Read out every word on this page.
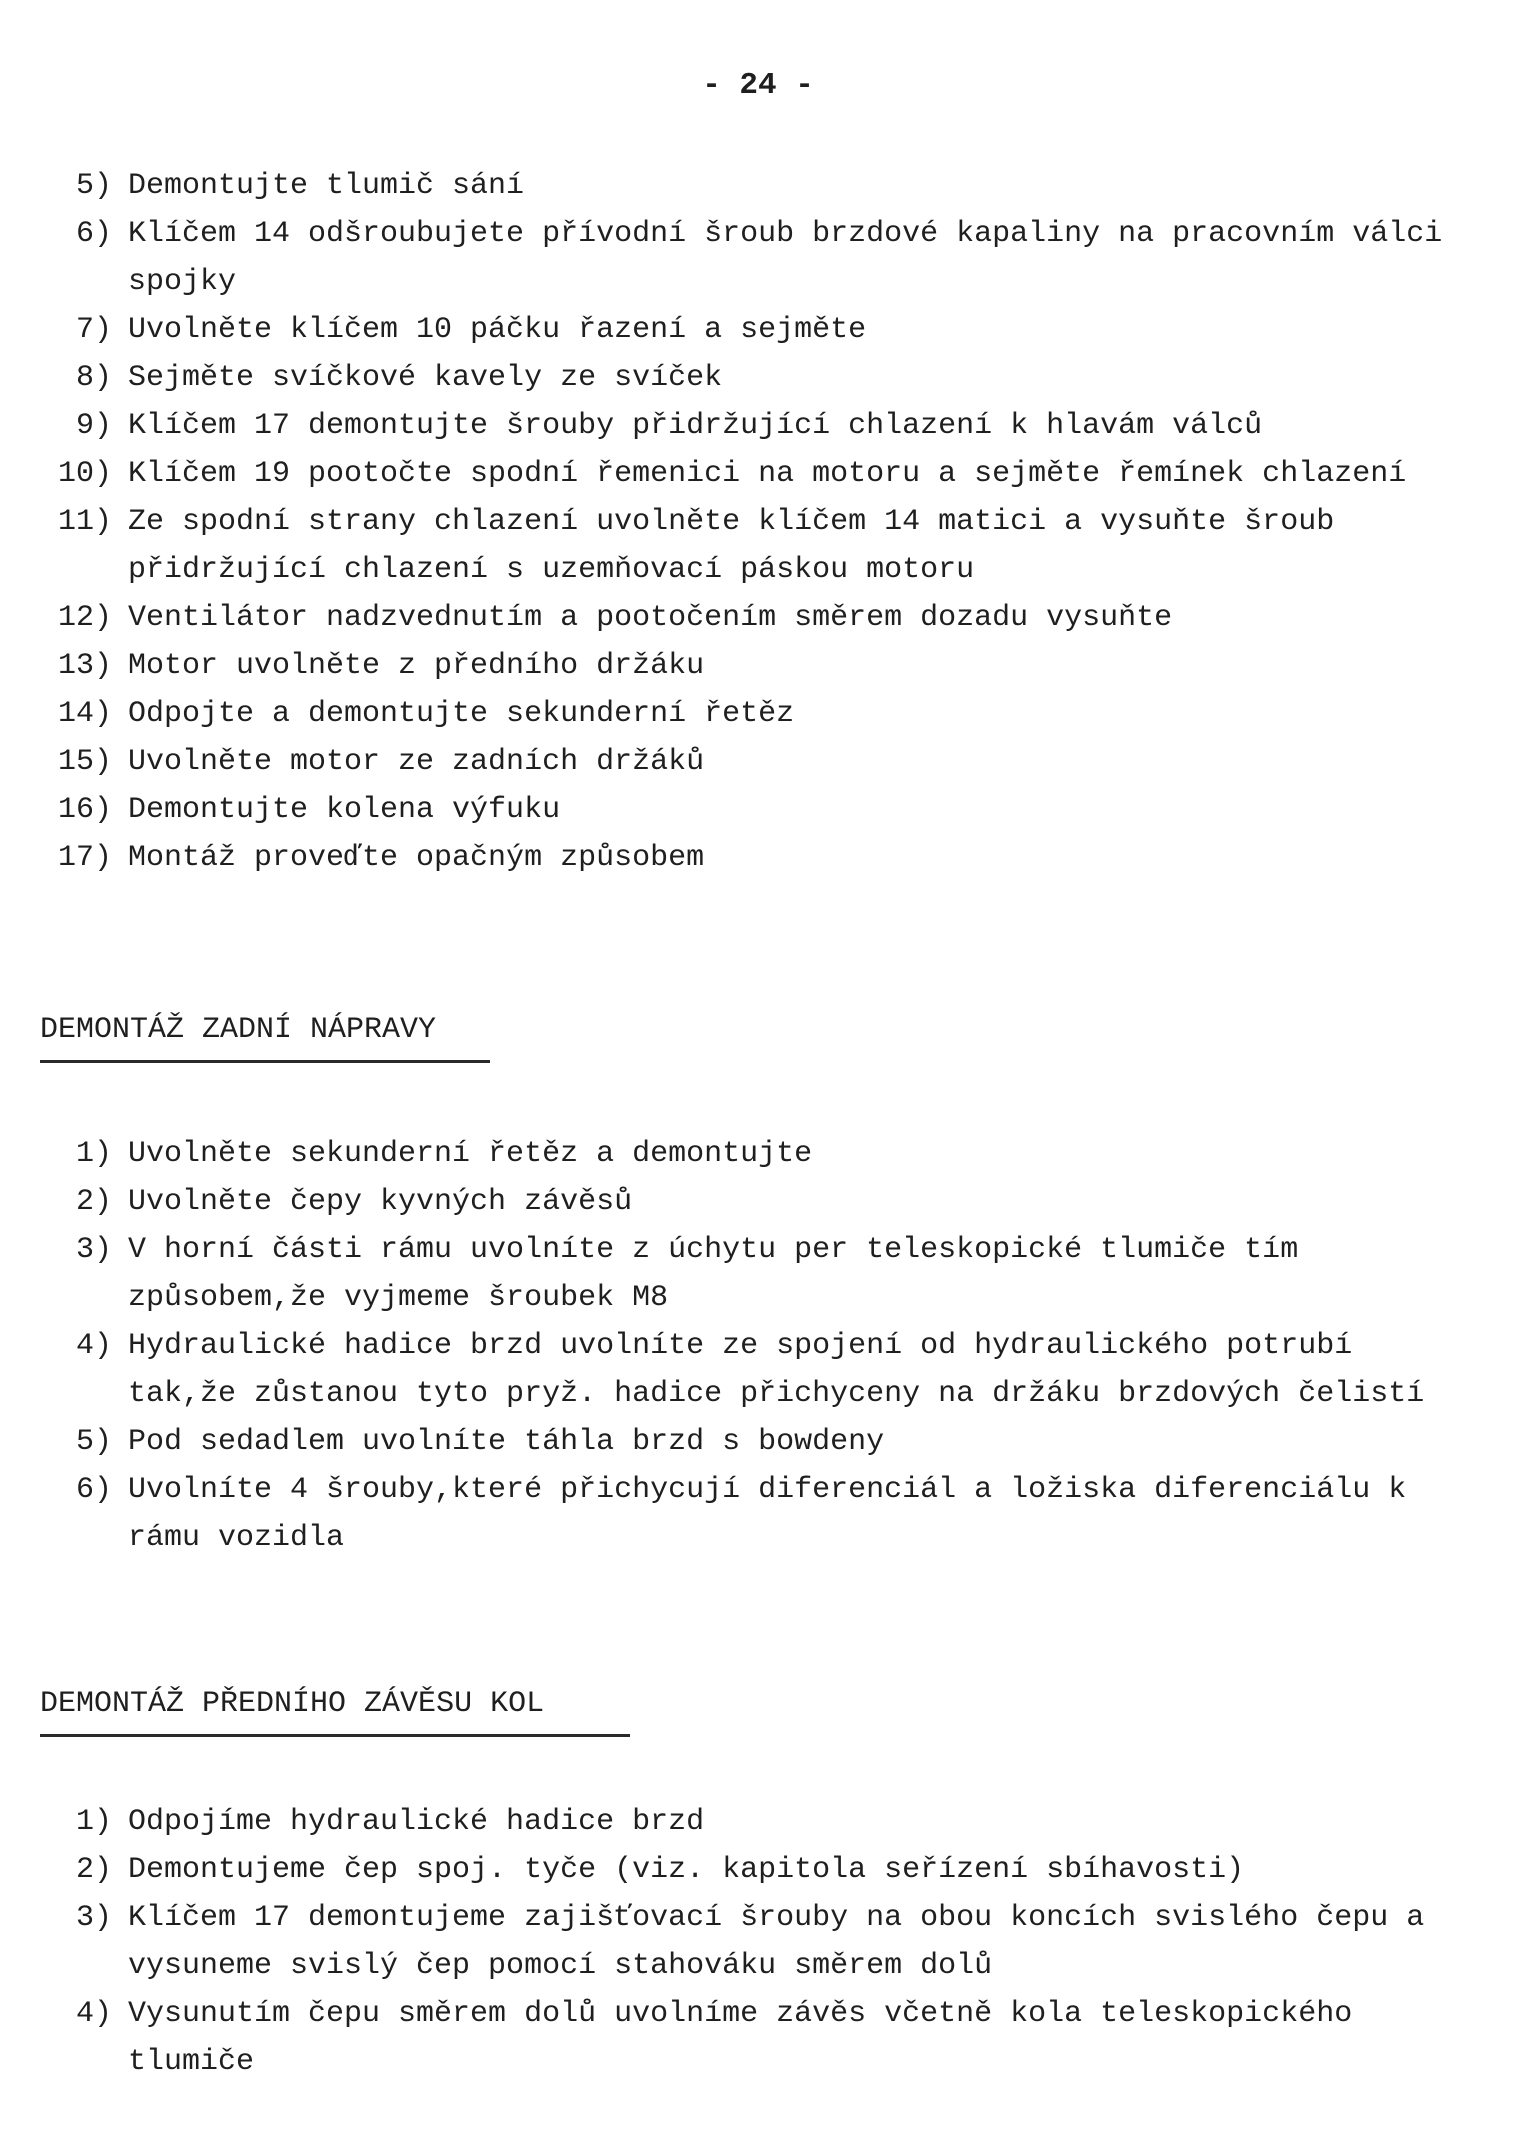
- 24 -
5) Demontujte tlumič sání
6) Klíčem 14 odšroubujete přívodní šroub brzdové kapaliny na pracovním válci spojky
7) Uvolněte klíčem 10 páčku řazení a sejměte
8) Sejměte svíčkové kavely ze svíček
9) Klíčem 17 demontujte šrouby přidržující chlazení k hlavám válců
10) Klíčem 19 pootočte spodní řemenici na motoru a sejměte řemínek chlazení
11) Ze spodní strany chlazení uvolněte klíčem 14 matici a vysuňte šroub přidržující chlazení s uzemňovací páskou motoru
12) Ventilátor nadzvednutím a pootočením směrem dozadu vysuňte
13) Motor uvolněte z předního držáku
14) Odpojte a demontujte sekunderní řetěz
15) Uvolněte motor ze zadních držáků
16) Demontujte kolena výfuku
17) Montáž proveďte opačným způsobem
DEMONTÁŽ ZADNÍ NÁPRAVY
1) Uvolněte sekunderní řetěz a demontujte
2) Uvolněte čepy kyvných závěsů
3) V horní části rámu uvolníte z úchytu per teleskopické tlumiče tím způsobem,že vyjmeme šroubek M8
4) Hydraulické hadice brzd uvolníte ze spojení od hydraulického potrubí tak,že zůstanou tyto pryž. hadice přichyceny na držáku brzdových čelistí
5) Pod sedadlem uvolníte táhla brzd s bowdeny
6) Uvolníte 4 šrouby,které přichycují diferenciál a ložiska diferenciálu k rámu vozidla
DEMONTÁŽ PŘEDNÍHO ZÁVĚSU KOL
1) Odpojíme hydraulické hadice brzd
2) Demontujeme čep spoj. tyče (viz. kapitola seřízení sbíhavosti)
3) Klíčem 17 demontujeme zajišťovací šrouby na obou koncích svislého čepu a vysuneme svislý čep pomocí stahováku směrem dolů
4) Vysunutím čepu směrem dolů uvolníme závěs včetně kola teleskopického tlumiče
